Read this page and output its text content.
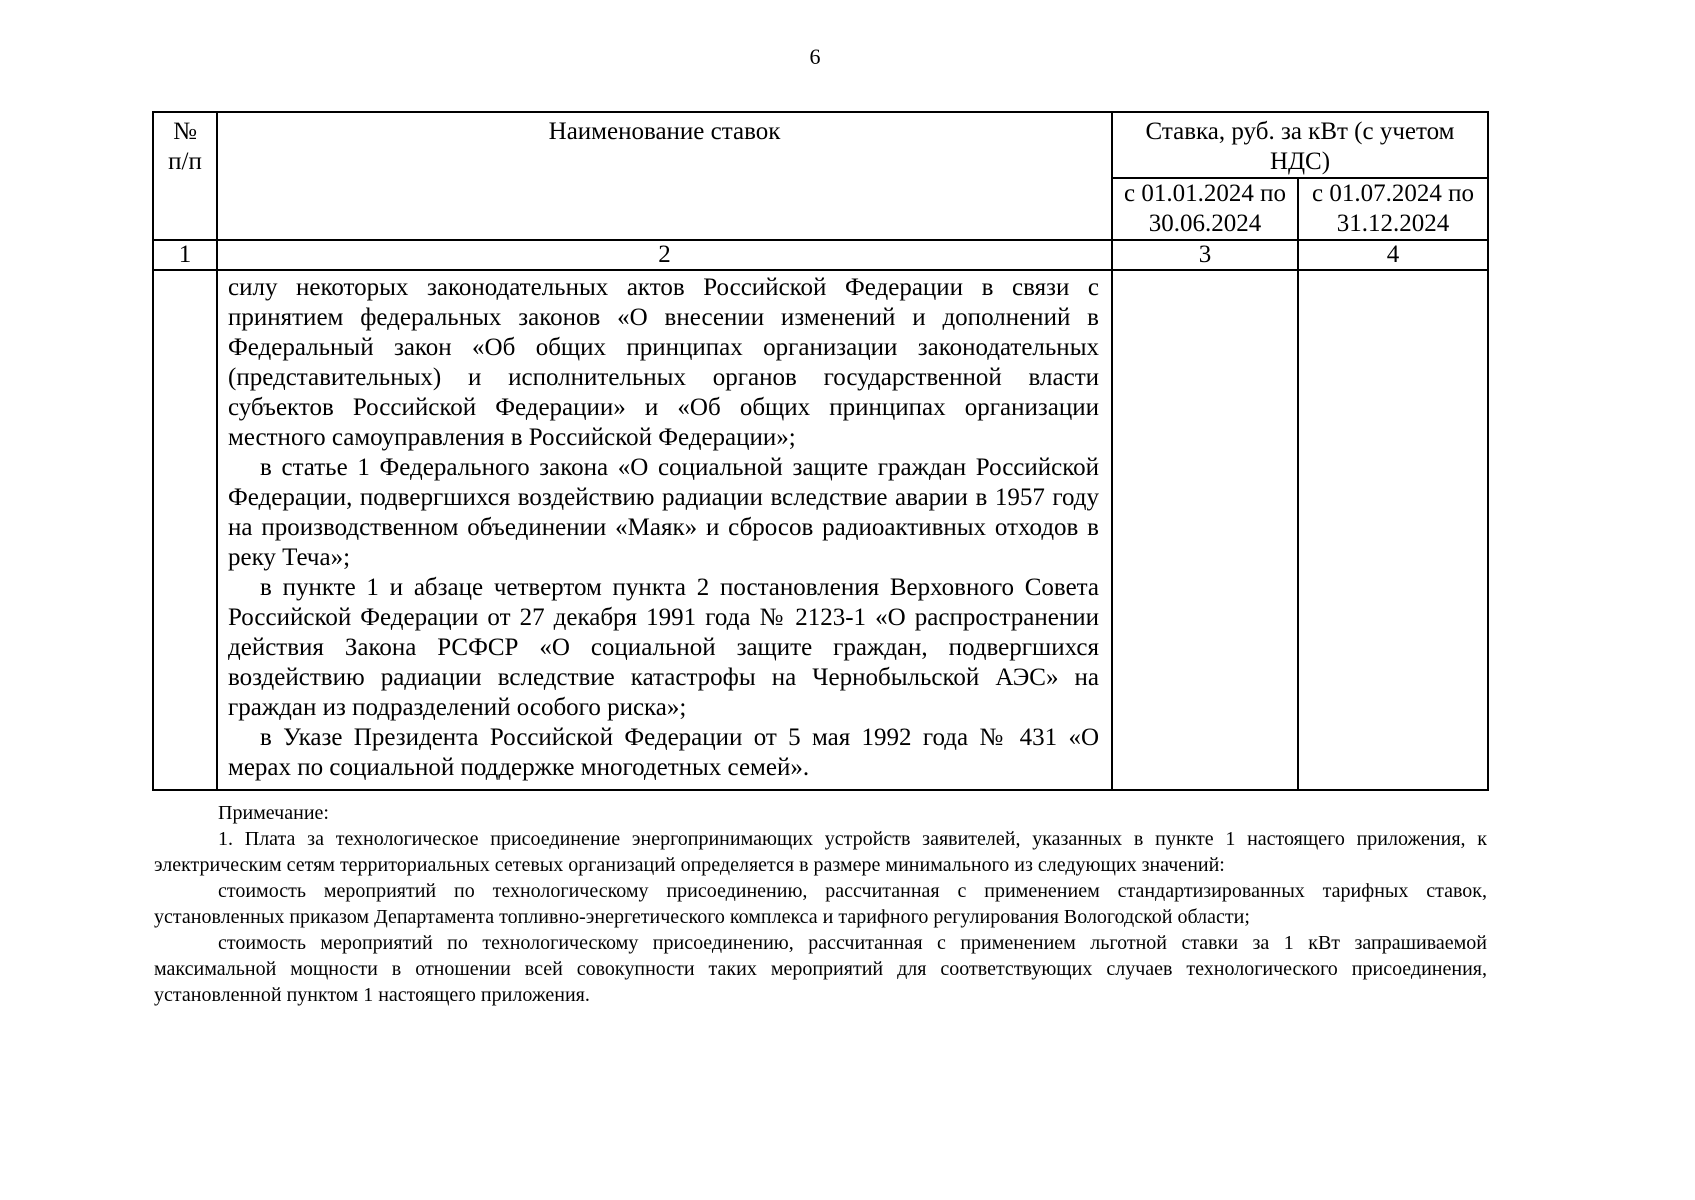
6
№ п/п	Наименование ставок	Ставка, руб. за кВт (с учетом НДС)	
		с 01.01.2024 по 30.06.2024	с 01.07.2024 по 31.12.2024
1	2	3	4

	силу некоторых законодательных актов Российской Федерации в связи с принятием федеральных законов «О внесении изменений и дополнений в Федеральный закон «Об общих принципах организации законодательных (представительных) и исполнительных органов государственной власти субъектов Российской Федерации» и «Об общих принципах организации местного самоуправления в Российской Федерации»;

в статье 1 Федерального закона «О социальной защите граждан Российской Федерации, подвергшихся воздействию радиации вследствие аварии в 1957 году на производственном объединении «Маяк» и сбросов радиоактивных отходов в реку Теча»;

в пункте 1 и абзаце четвертом пункта 2 постановления Верховного Совета Российской Федерации от 27 декабря 1991 года № 2123-1 «О распространении действия Закона РСФСР «О социальной защите граждан, подвергшихся воздействию радиации вследствие катастрофы на Чернобыльской АЭС» на граждан из подразделений особого риска»;

в Указе Президента Российской Федерации от 5 мая 1992 года № 431 «О мерах по социальной поддержке многодетных семей».		

Примечание:

1. Плата за технологическое присоединение энергопринимающих устройств заявителей, указанных в пункте 1 настоящего приложения, к электрическим сетям территориальных сетевых организаций определяется в размере минимального из следующих значений:

стоимость мероприятий по технологическому присоединению, рассчитанная с применением стандартизированных тарифных ставок, установленных приказом Департамента топливно-энергетического комплекса и тарифного регулирования Вологодской области;

стоимость мероприятий по технологическому присоединению, рассчитанная с применением льготной ставки за 1 кВт запрашиваемой максимальной мощности в отношении всей совокупности таких мероприятий для соответствующих случаев технологического присоединения, установленной пунктом 1 настоящего приложения.
